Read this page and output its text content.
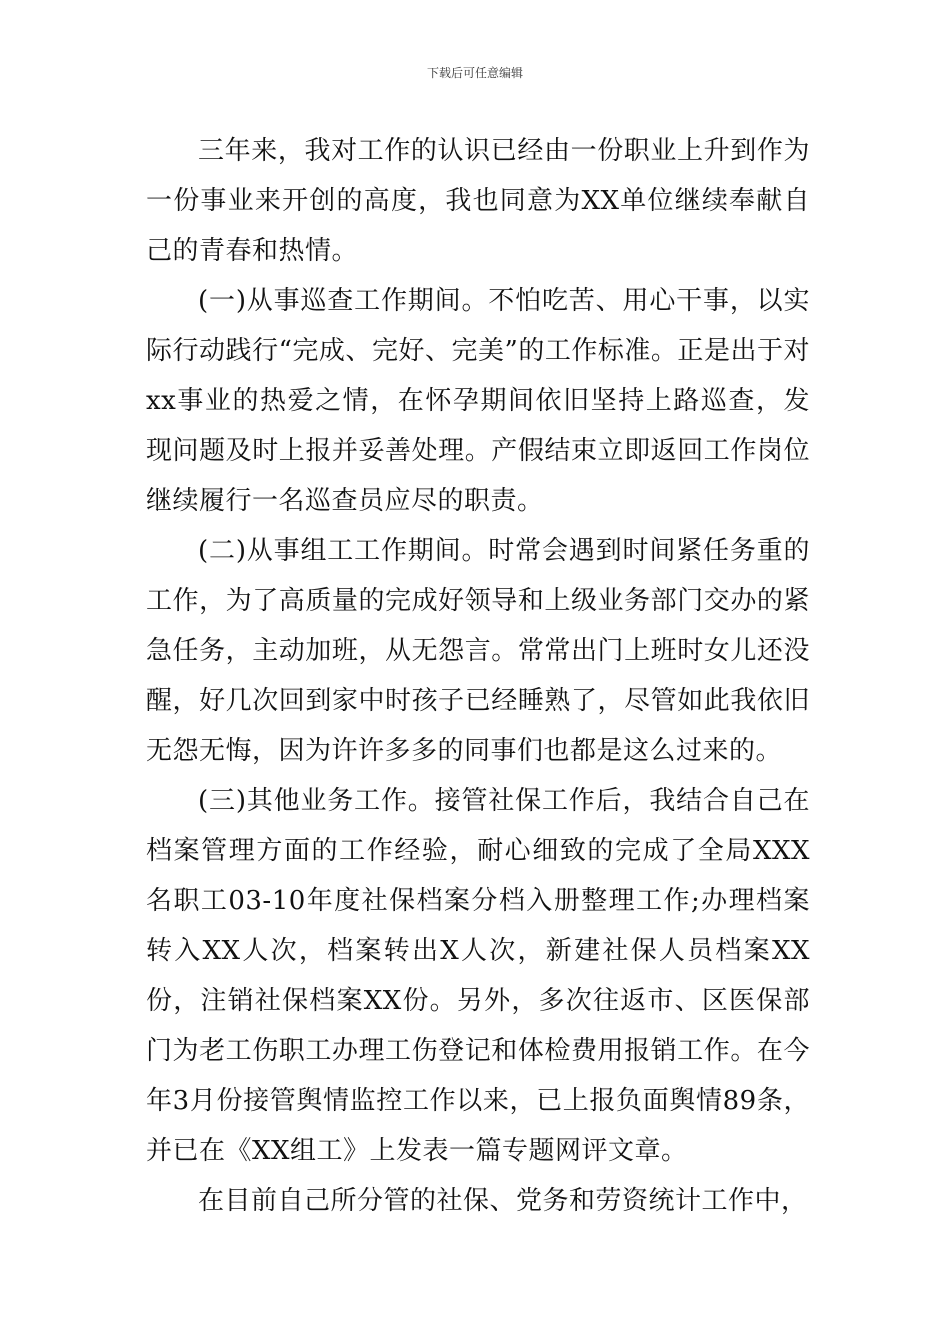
下载后可任意编辑

三年来，我对工作的认识已经由一份职业上升到作为一份事业来开创的高度，我也同意为XX单位继续奉献自己的青春和热情。

(一)从事巡查工作期间。不怕吃苦、用心干事，以实际行动践行“完成、完好、完美”的工作标准。正是出于对xx事业的热爱之情，在怀孕期间依旧坚持上路巡查，发现问题及时上报并妥善处理。产假结束立即返回工作岗位继续履行一名巡查员应尽的职责。

(二)从事组工工作期间。时常会遇到时间紧任务重的工作，为了高质量的完成好领导和上级业务部门交办的紧急任务，主动加班，从无怨言。常常出门上班时女儿还没醒，好几次回到家中时孩子已经睡熟了，尽管如此我依旧无怨无悔，因为许许多多的同事们也都是这么过来的。

(三)其他业务工作。接管社保工作后，我结合自己在档案管理方面的工作经验，耐心细致的完成了全局XXX名职工03-10年度社保档案分档入册整理工作;办理档案转入XX人次，档案转出X人次，新建社保人员档案XX份，注销社保档案XX份。另外，多次往返市、区医保部门为老工伤职工办理工伤登记和体检费用报销工作。在今年3月份接管舆情监控工作以来，已上报负面舆情89条，并已在《XX组工》上发表一篇专题网评文章。

在目前自己所分管的社保、党务和劳资统计工作中，
